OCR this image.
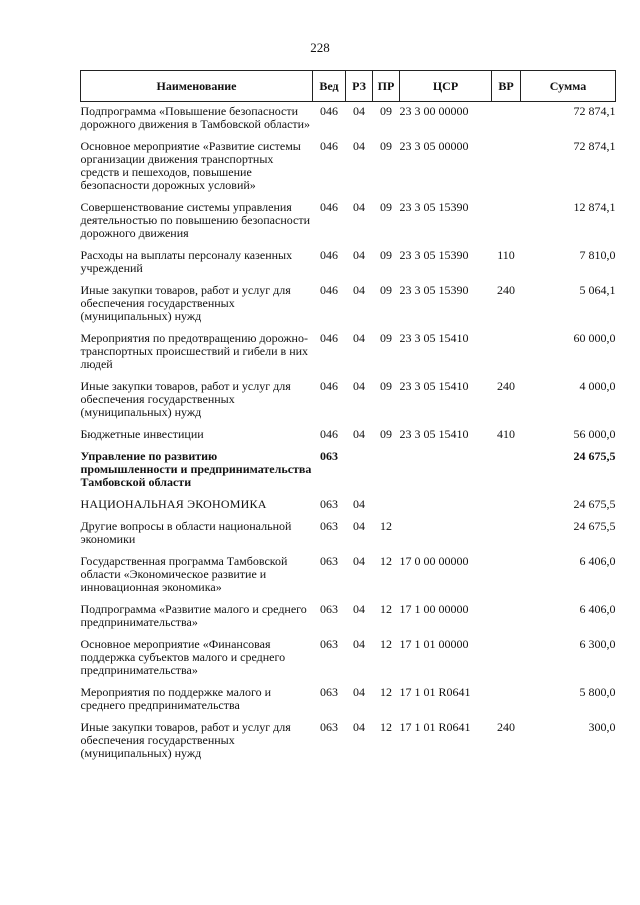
228
Наименование	Вед	РЗ	ПР	ЦСР	ВР	Сумма
Подпрограмма «Повышение безопасности дорожного движения в Тамбовской области»	046	04	09	23 3 00 00000		72 874,1
Основное мероприятие «Развитие системы организации движения транспортных средств и пешеходов, повышение безопасности дорожных условий»	046	04	09	23 3 05 00000		72 874,1
Совершенствование системы управления деятельностью по повышению безопасности дорожного движения	046	04	09	23 3 05 15390		12 874,1
Расходы на выплаты персоналу казенных учреждений	046	04	09	23 3 05 15390	110	7 810,0
Иные закупки товаров, работ и услуг для обеспечения государственных (муниципальных) нужд	046	04	09	23 3 05 15390	240	5 064,1
Мероприятия по предотвращению дорожно-транспортных происшествий и гибели в них людей	046	04	09	23 3 05 15410		60 000,0
Иные закупки товаров, работ и услуг для обеспечения государственных (муниципальных) нужд	046	04	09	23 3 05 15410	240	4 000,0
Бюджетные инвестиции	046	04	09	23 3 05 15410	410	56 000,0
Управление по развитию промышленности и предпринимательства Тамбовской области	063					24 675,5
НАЦИОНАЛЬНАЯ ЭКОНОМИКА	063	04				24 675,5
Другие вопросы в области национальной экономики	063	04	12			24 675,5
Государственная программа Тамбовской области «Экономическое развитие и инновационная экономика»	063	04	12	17 0 00 00000		6 406,0
Подпрограмма «Развитие малого и среднего предпринимательства»	063	04	12	17 1 00 00000		6 406,0
Основное мероприятие «Финансовая поддержка субъектов малого и среднего предпринимательства»	063	04	12	17 1 01 00000		6 300,0
Мероприятия по поддержке малого и среднего предпринимательства	063	04	12	17 1 01 R0641		5 800,0
Иные закупки товаров, работ и услуг для обеспечения государственных (муниципальных) нужд	063	04	12	17 1 01 R0641	240	300,0
